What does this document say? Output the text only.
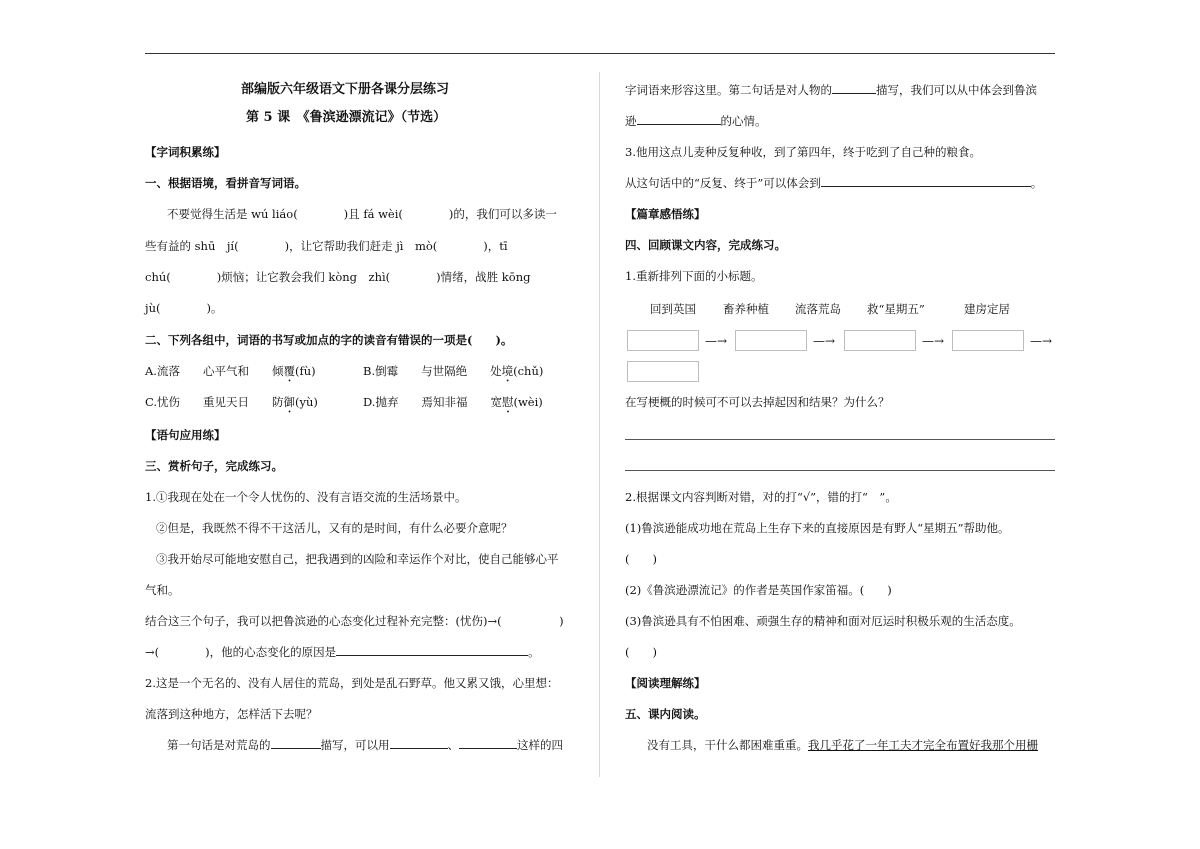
部编版六年级语文下册各课分层练习
第 5 课　《鲁滨逊漂流记》（节选）
【字词积累练】
一、根据语境，看拼音写词语。
不要觉得生活是 wú liáo(　　　　)且 fá wèi(　　　　)的，我们可以多读一
些有益的 shū　jí(　　　　)，让它帮助我们赶走 jì　mò(　　　　)，tī
chú(　　　　)烦恼；让它教会我们 kòng　zhì(　　　　)情绪，战胜 kōng
jù(　　　　)。
二、下列各组中，词语的书写或加点的字的读音有错误的一项是(　　)。
A.流落　　心平气和　　倾覆(fù)	B.倒霉　　与世隔绝　　处境(chǔ)
C.忧伤　　重见天日　　防御(yù)	D.抛弃　　焉知非福　　宽慰(wèi)
【语句应用练】
三、赏析句子，完成练习。
1.①我现在处在一个令人忧伤的、没有言语交流的生活场景中。
②但是，我既然不得不干这活儿，又有的是时间，有什么必要介意呢？
③我开始尽可能地安慰自己，把我遇到的凶险和幸运作个对比，使自己能够心平
气和。
结合这三个句子，我可以把鲁滨逊的心态变化过程补充完整：(忧伤)→(　　　　　)
→(　　　　)，他的心态变化的原因是	。
2.这是一个无名的、没有人居住的荒岛，到处是乱石野草。他又累又饿，心里想：
流落到这种地方，怎样活下去呢？
第一句话是对荒岛的	描写，可以用	、	这样的四
字词语来形容这里。第二句话是对人物的	描写，我们可以从中体会到鲁滨
逊	的心情。
3.他用这点儿麦种反复种收，到了第四年，终于吃到了自己种的粮食。
从这句话中的“反复、终于”可以体会到	。
【篇章感悟练】
四、回顾课文内容，完成练习。
1.重新排列下面的小标题。
回到英国 畜养种植 流落荒岛 救“星期五”	建房定居
—→	—→	—→	—→
在写梗概的时候可不可以去掉起因和结果？为什么？
2.根据课文内容判断对错，对的打“√”，错的打“　”。
(1)鲁滨逊能成功地在荒岛上生存下来的直接原因是有野人“星期五”帮助他。
(　　)
(2)《鲁滨逊漂流记》的作者是英国作家笛福。(　　)
(3)鲁滨逊具有不怕困难、顽强生存的精神和面对厄运时积极乐观的生活态度。
(　　)
【阅读理解练】
五、课内阅读。
没有工具，干什么都困难重重。我几乎花了一年工夫才完全布置好我那个用栅
